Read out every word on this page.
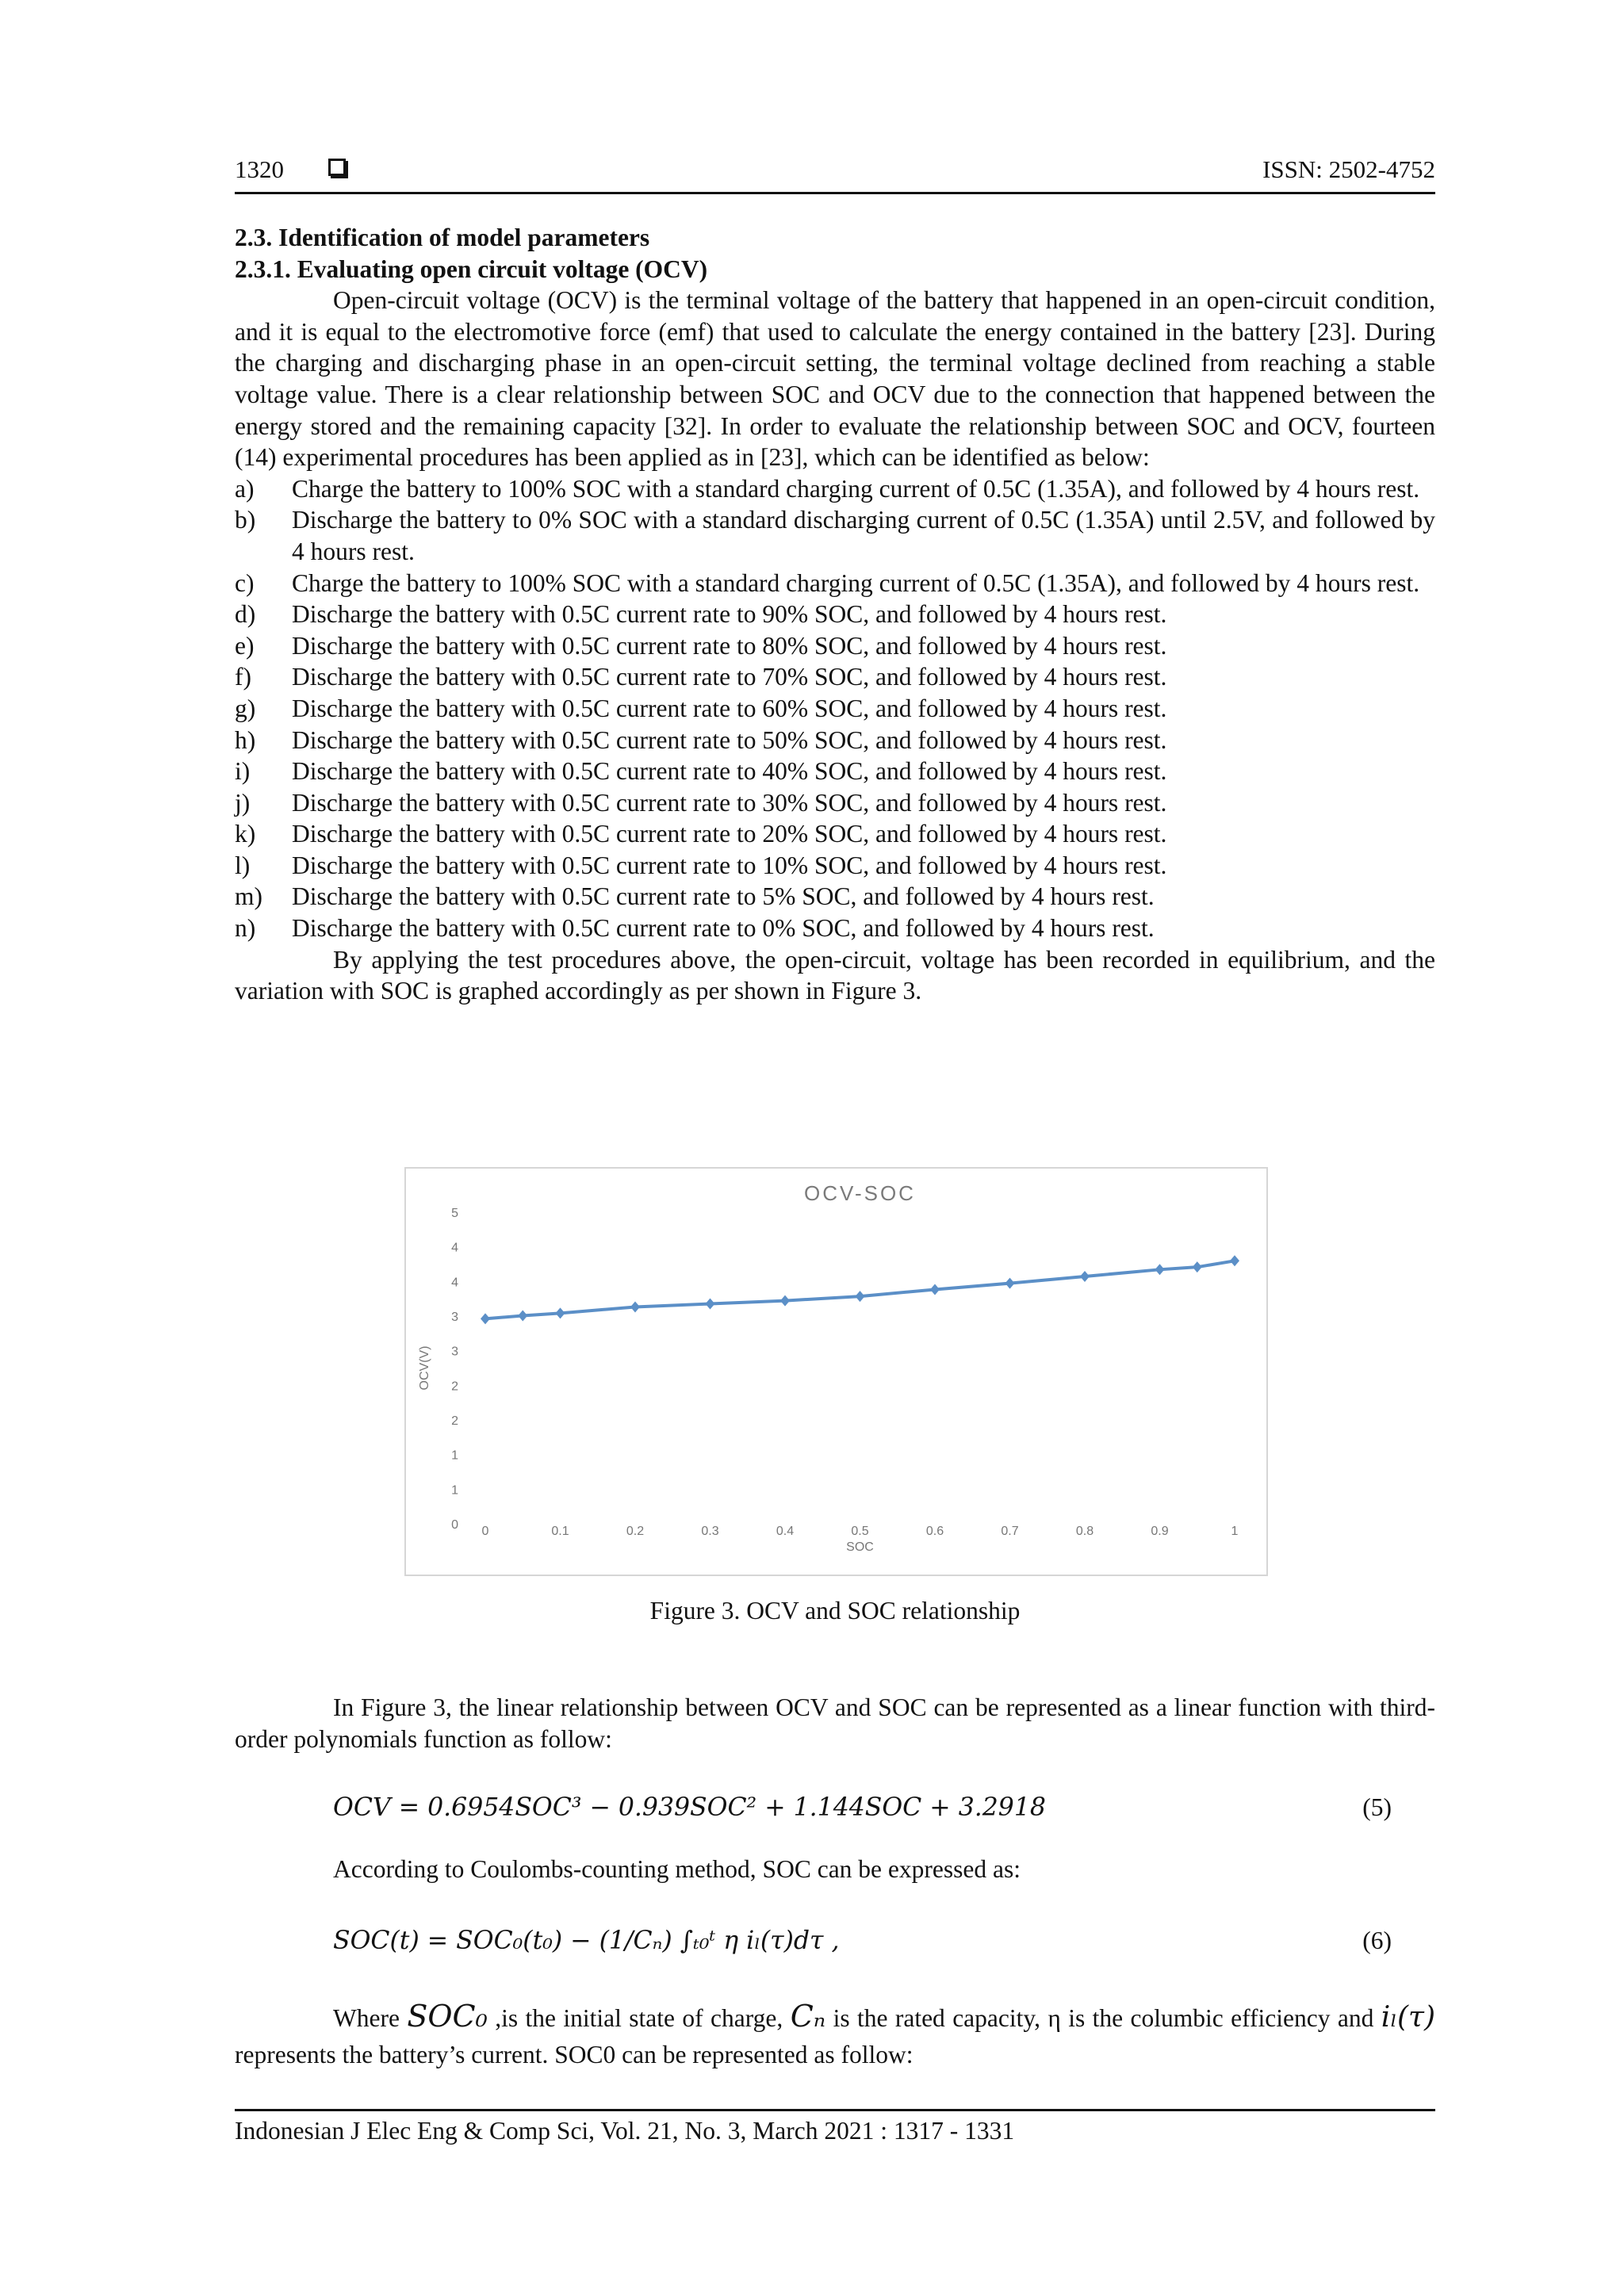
1320	ISSN: 2502-4752
2.3. Identification of model parameters
2.3.1. Evaluating open circuit voltage (OCV)

Open-circuit voltage (OCV) is the terminal voltage of the battery that happened in an open-circuit condition, and it is equal to the electromotive force (emf) that used to calculate the energy contained in the battery [23]. During the charging and discharging phase in an open-circuit setting, the terminal voltage declined from reaching a stable voltage value. There is a clear relationship between SOC and OCV due to the connection that happened between the energy stored and the remaining capacity [32]. In order to evaluate the relationship between SOC and OCV, fourteen (14) experimental procedures has been applied as in [23], which can be identified as below:

a) Charge the battery to 100% SOC with a standard charging current of 0.5C (1.35A), and followed by 4 hours rest.
b) Discharge the battery to 0% SOC with a standard discharging current of 0.5C (1.35A) until 2.5V, and followed by 4 hours rest.
c) Charge the battery to 100% SOC with a standard charging current of 0.5C (1.35A), and followed by 4 hours rest.
d) Discharge the battery with 0.5C current rate to 90% SOC, and followed by 4 hours rest.
e) Discharge the battery with 0.5C current rate to 80% SOC, and followed by 4 hours rest.
f) Discharge the battery with 0.5C current rate to 70% SOC, and followed by 4 hours rest.
g) Discharge the battery with 0.5C current rate to 60% SOC, and followed by 4 hours rest.
h) Discharge the battery with 0.5C current rate to 50% SOC, and followed by 4 hours rest.
i) Discharge the battery with 0.5C current rate to 40% SOC, and followed by 4 hours rest.
j) Discharge the battery with 0.5C current rate to 30% SOC, and followed by 4 hours rest.
k) Discharge the battery with 0.5C current rate to 20% SOC, and followed by 4 hours rest.
l) Discharge the battery with 0.5C current rate to 10% SOC, and followed by 4 hours rest.
m) Discharge the battery with 0.5C current rate to 5% SOC, and followed by 4 hours rest.
n) Discharge the battery with 0.5C current rate to 0% SOC, and followed by 4 hours rest.

By applying the test procedures above, the open-circuit, voltage has been recorded in equilibrium, and the variation with SOC is graphed accordingly as per shown in Figure 3.

OCV-SOC
0
1
1
2
2
3
3
4
4
5
0	0.1	0.2	0.3	0.4	0.5	0.6	0.7	0.8	0.9	1
SOC
OCV(V)
Figure 3. OCV and SOC relationship

In Figure 3, the linear relationship between OCV and SOC can be represented as a linear function with third-order polynomials function as follow:

OCV = 0.6954SOC³ − 0.939SOC² + 1.144SOC + 3.2918	(5)
According to Coulombs-counting method, SOC can be expressed as:
SOC(t) = SOC₀(t₀) − (1/Cₙ) ∫ₜ₀ᵗ η iₗ(τ)dτ ,	(6)
Where SOC₀ ,is the initial state of charge, Cₙ is the rated capacity, η is the columbic efficiency and iₗ(τ) represents the battery’s current. SOC0 can be represented as follow:
Indonesian J Elec Eng & Comp Sci, Vol. 21, No. 3, March 2021 : 1317 - 1331
